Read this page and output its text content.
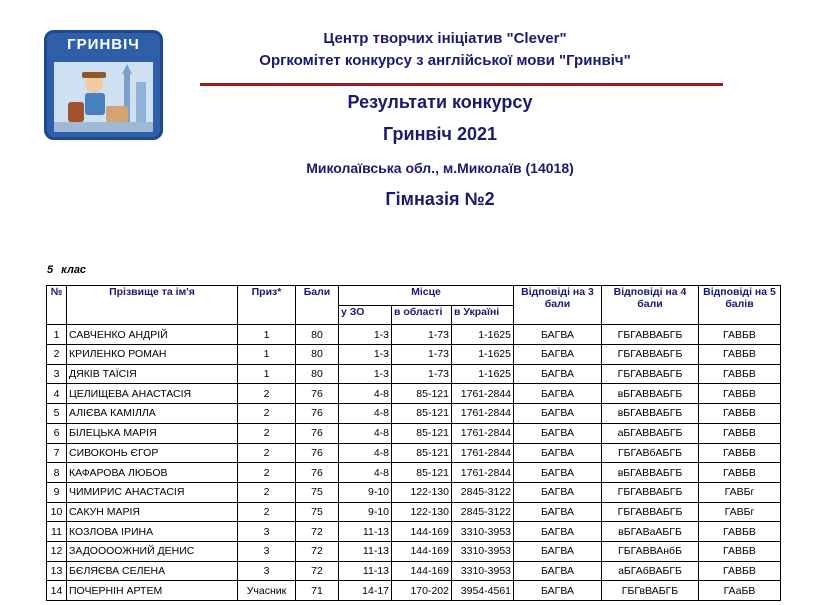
ГРИНВІЧ	Центр творчих ініціатив "Clever"
Оргкомітет конкурсу з англійської мови "Гринвіч"
Результати конкурсу
Гринвіч 2021
Миколаївська обл., м.Миколаїв (14018)
Гімназія №2
5 клас
№	Прізвище та ім'я	Приз*	Бали	Місце			Відповіді на 3 бали	Відповіді на 4 бали	Відповіді на 5 балів
				у ЗО	в області	в Україні			
1	САВЧЕНКО АНДРІЙ	1	80	1-3	1-73	1-1625	БАГВА	ГБГАВВАБГБ	ГАВБВ
2	КРИЛЕНКО РОМАН	1	80	1-3	1-73	1-1625	БАГВА	ГБГАВВАБГБ	ГАВБВ
3	ДЯКІВ ТАЇСІЯ	1	80	1-3	1-73	1-1625	БАГВА	ГБГАВВАБГБ	ГАВБВ
4	ЦЕЛИЩЕВА АНАСТАСІЯ	2	76	4-8	85-121	1761-2844	БАГВА	вБГАВВАБГБ	ГАВБВ
5	АЛІЄВА КАМІЛЛА	2	76	4-8	85-121	1761-2844	БАГВА	вБГАВВАБГБ	ГАВБВ
6	БІЛЕЦЬКА МАРІЯ	2	76	4-8	85-121	1761-2844	БАГВА	аБГАВВАБГБ	ГАВБВ
7	СИВОКОНЬ ЄГОР	2	76	4-8	85-121	1761-2844	БАГВА	ГБГАВбАБГБ	ГАВБВ
8	КАФАРОВА ЛЮБОВ	2	76	4-8	85-121	1761-2844	БАГВА	вБГАВВАБГБ	ГАВБВ
9	ЧИМИРИС АНАСТАСІЯ	2	75	9-10	122-130	2845-3122	БАГВА	ГБГАВВАБГБ	ГАВБг
10	САКУН МАРІЯ	2	75	9-10	122-130	2845-3122	БАГВА	ГБГАВВАБГБ	ГАВБг
11	КОЗЛОВА ІРИНА	3	72	11-13	144-169	3310-3953	БАГВА	вБГАВаАБГБ	ГАВБВ
12	ЗАДООООЖНИЙ ДЕНИС	3	72	11-13	144-169	3310-3953	БАГВА	ГБГАВВАнбБ	ГАВБВ
13	БЄЛЯЄВА СЕЛЕНА	3	72	11-13	144-169	3310-3953	БАГВА	аБГАбВАБГБ	ГАВБВ
14	ПОЧЕРНІН АРТЕМ	Учасник	71	14-17	170-202	3954-4561	БАГВА	ГБГвВАБГБ	ГАаБВ
